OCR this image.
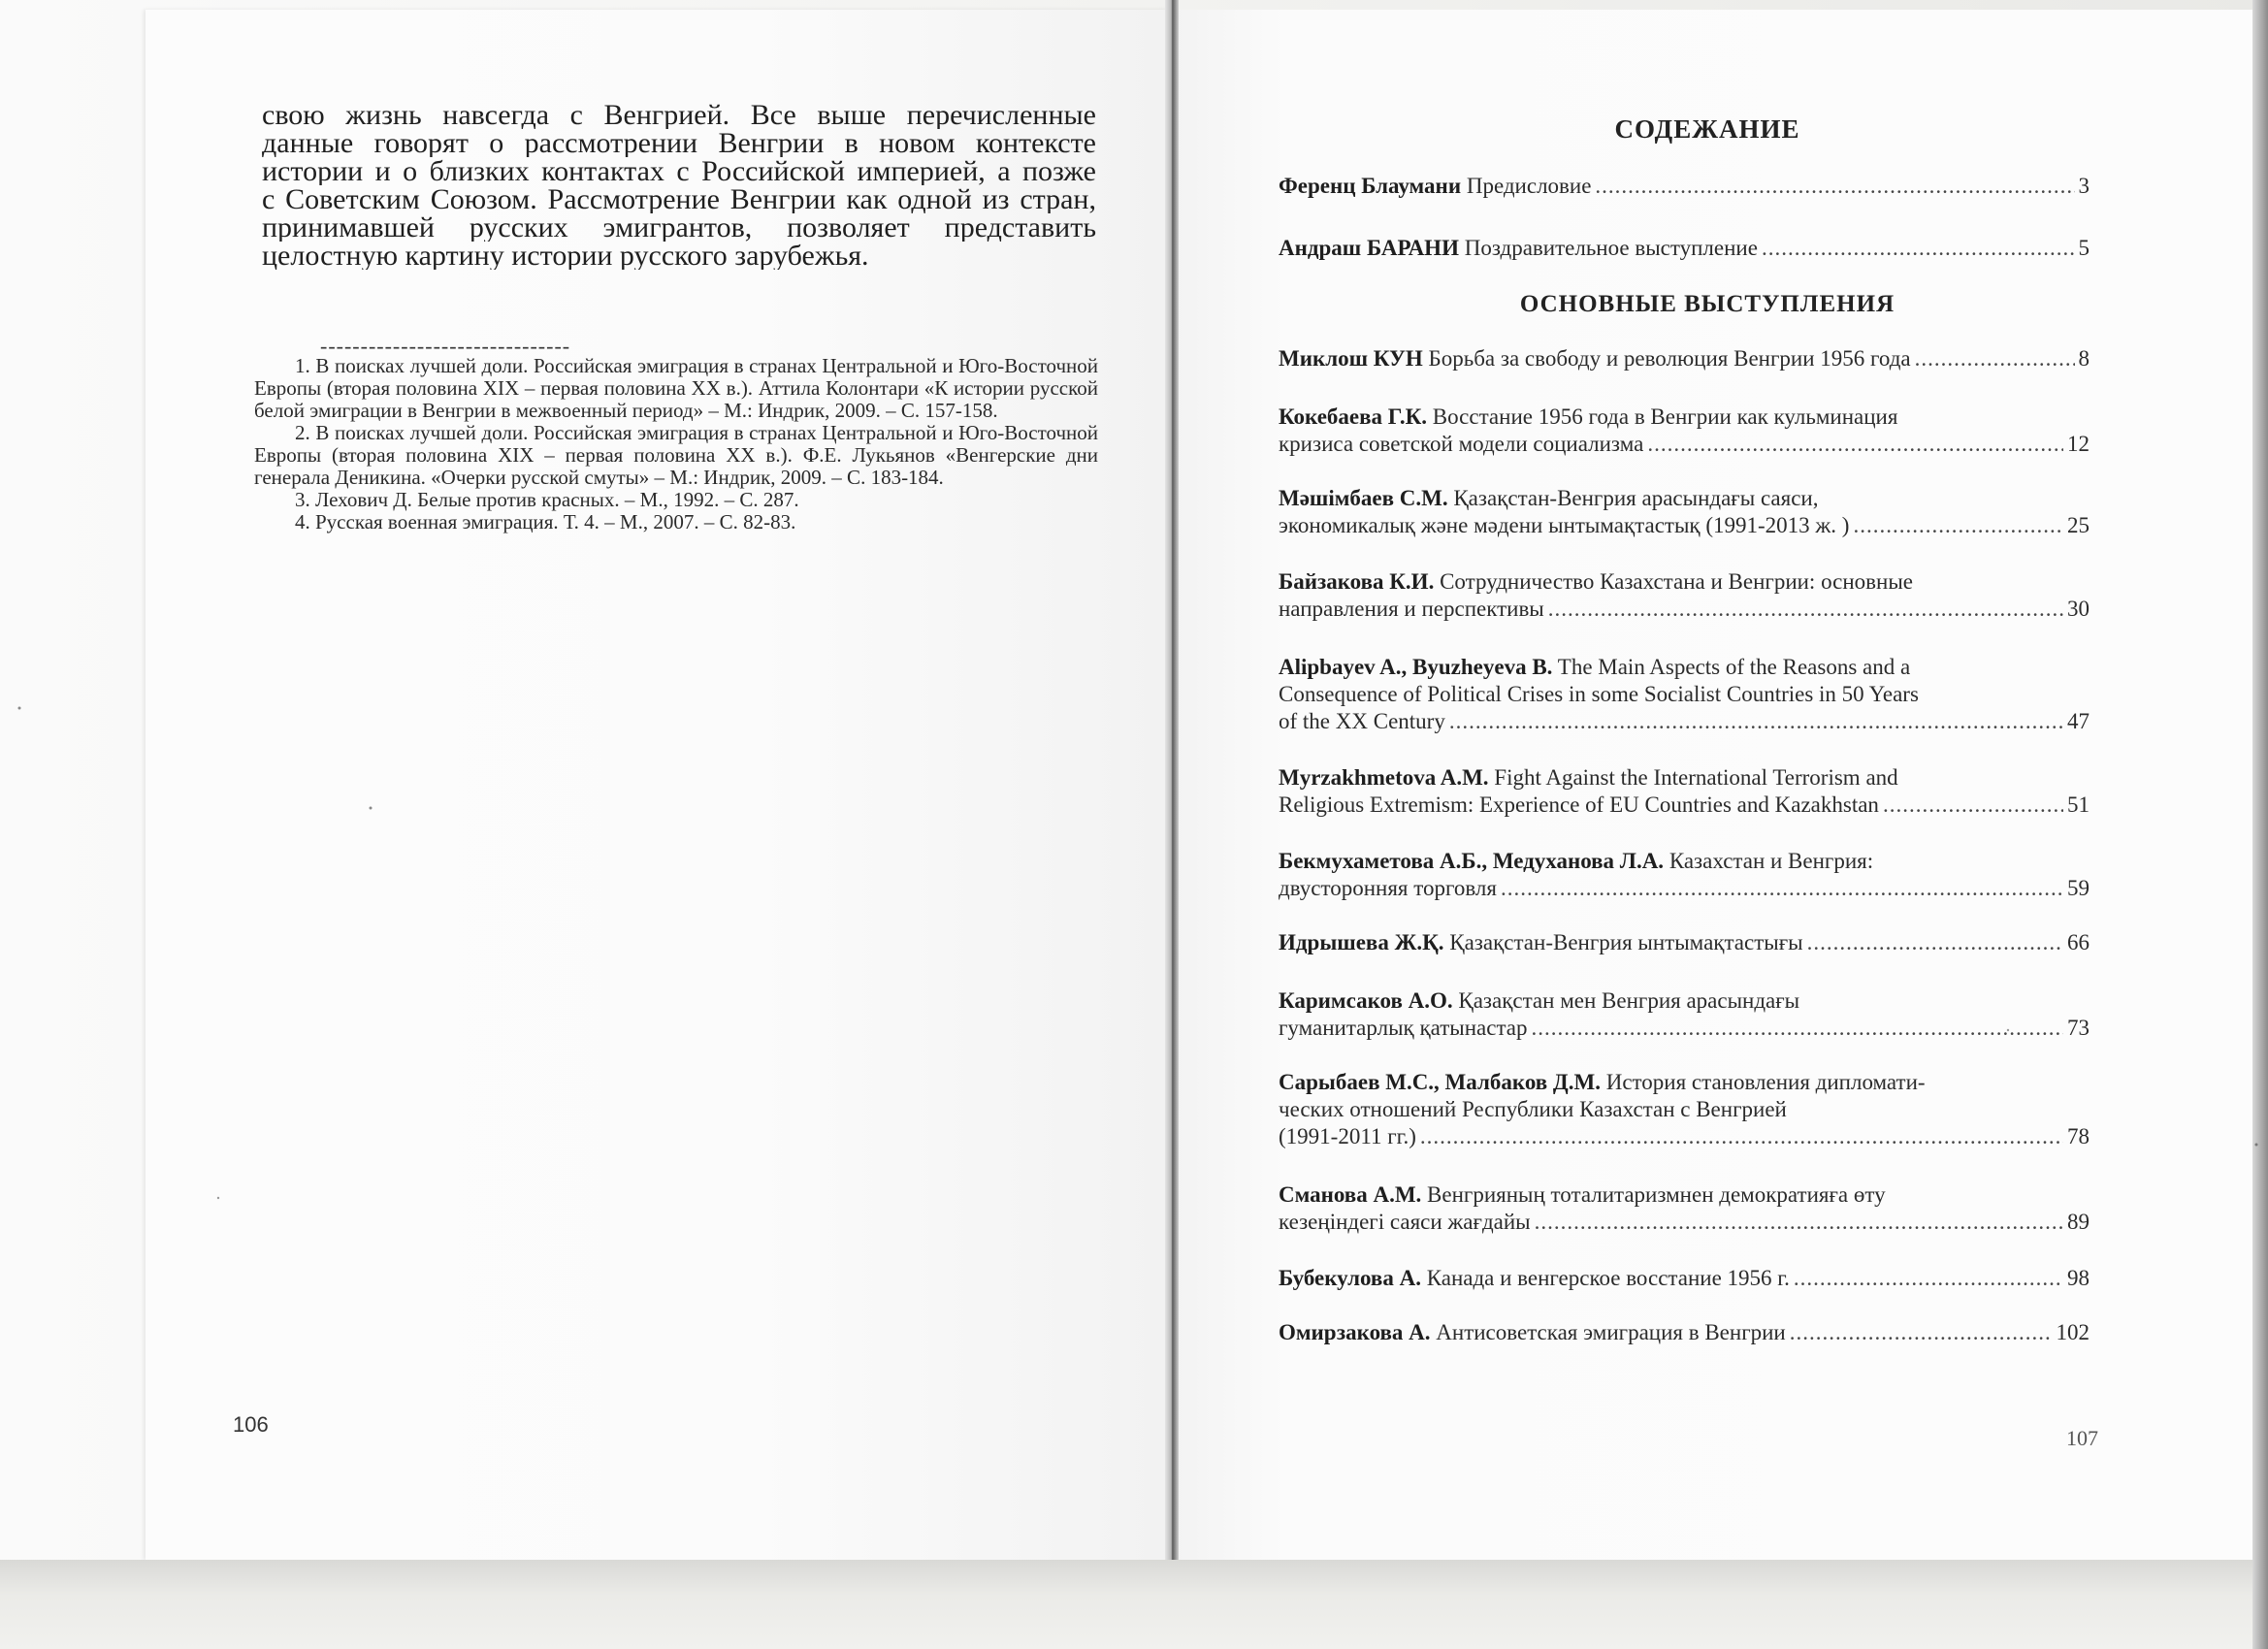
свою жизнь навсегда с Венгрией. Все выше перечисленные
данные говорят о рассмотрении Венгрии в новом контексте
истории и о близких контактах с Российской империей, а позже
с Советским Союзом. Рассмотрение Венгрии как одной из стран,
принимавшей русских эмигрантов, позволяет представить
целостную картину истории русского зарубежья.
-------------------------------

1. В поисках лучшей доли. Российская эмиграция в странах Центральной и Юго-Восточной Европы (вторая половина XIX – первая половина XX в.). Аттила Колонтари «К истории русской белой эмиграции в Венгрии в межвоенный период» – М.: Индрик, 2009. – С. 157-158.

2. В поисках лучшей доли. Российская эмиграция в странах Центральной и Юго-Восточной Европы (вторая половина XIX – первая половина XX в.). Ф.Е. Лукьянов «Венгерские дни генерала Деникина. «Очерки русской смуты» – М.: Индрик, 2009. – С. 183-184.

3. Лехович Д. Белые против красных. – М., 1992. – С. 287.

4. Русская военная эмиграция. Т. 4. – М., 2007. – С. 82-83.

106
СОДЕЖАНИЕ
ОСНОВНЫЕ ВЫСТУПЛЕНИЯ
Ференц Блаумани Предисловие .....	3
Андраш БАРАНИ Поздравительное выступление .....	5
Миклош КУН Борьба за свободу и революция Венгрии 1956 года .....	8
Кокебаева Г.К. Восстание 1956 года в Венгрии как кульминация
кризиса советской модели социализма .....	12
Мәшімбаев С.М. Қазақстан-Венгрия арасындағы саяси,
экономикалық және мәдени ынтымақтастық (1991-2013 ж. ) .....	25
Байзакова К.И. Сотрудничество Казахстана и Венгрии: основные
направления и перспективы .....	30
Alipbayev A., Byuzheyeva B. The Main Aspects of the Reasons and a
Consequence of Political Crises in some Socialist Countries in 50 Years
of the XX Century .....	47
Myrzakhmetova A.M. Fight Against the International Terrorism and
Religious Extremism: Experience of EU Countries and Kazakhstan .....	51
Бекмухаметова А.Б., Медуханова Л.А. Казахстан и Венгрия:
двусторонняя торговля .....	59
Идрышева Ж.Қ. Қазақстан-Венгрия ынтымақтастығы .....	66
Каримсаков А.О. Қазақстан мен Венгрия арасындағы
гуманитарлық қатынастар .....	73
Сарыбаев М.С., Малбаков Д.М. История становления дипломати-
ческих отношений Республики Казахстан с Венгрией
(1991-2011 гг.) .....	78
Сманова А.М. Венгрияның тоталитаризмнен демократияға өту
кезеңіндегі саяси жағдайы .....	89
Бубекулова А. Канада и венгерское восстание 1956 г. .....	98
Омирзакова А. Антисоветская эмиграция в Венгрии .....	102
107
